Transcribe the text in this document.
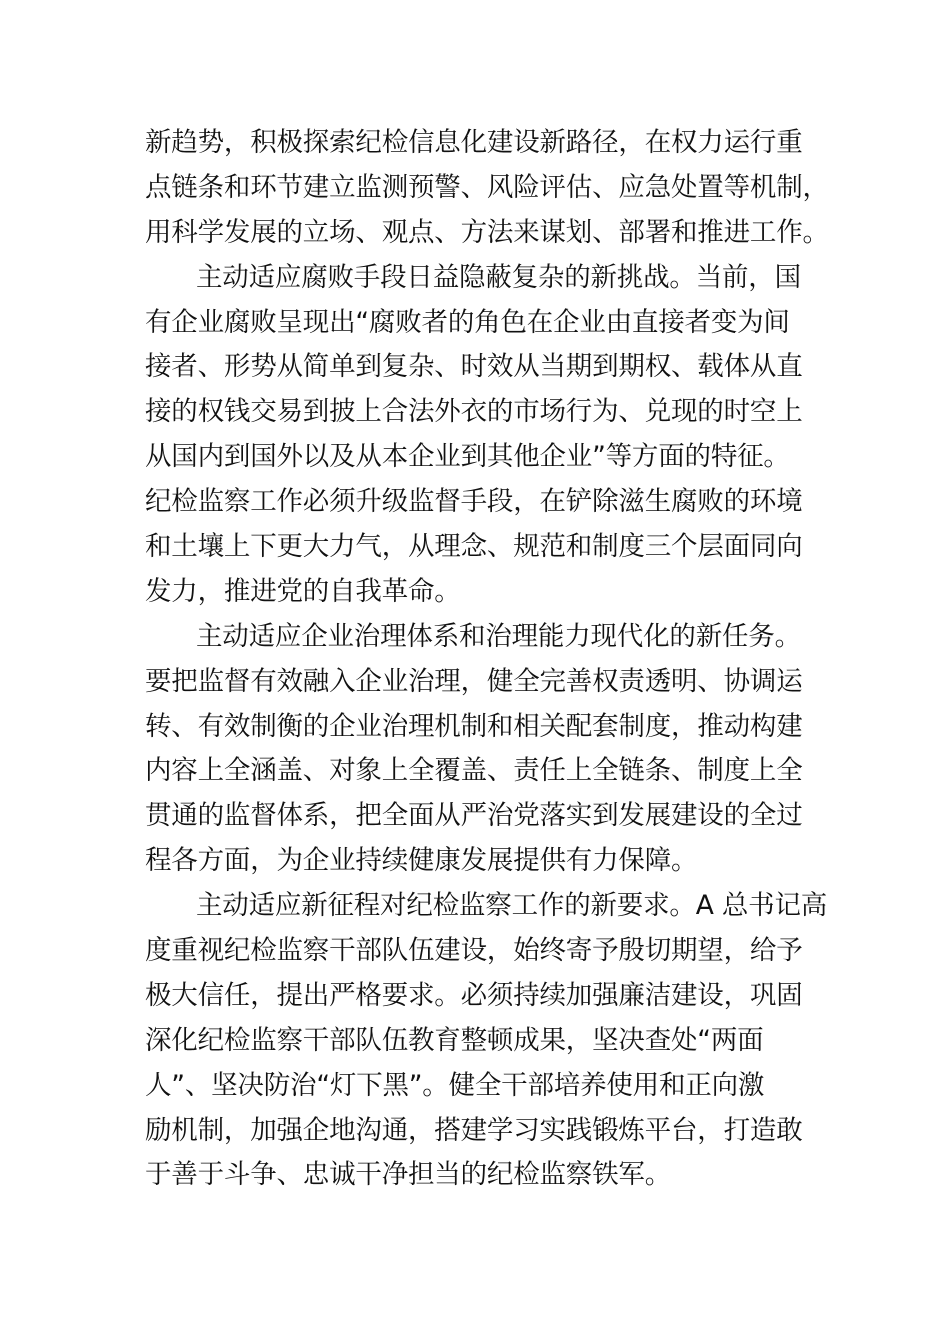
新趋势，积极探索纪检信息化建设新路径，在权力运行重
点链条和环节建立监测预警、风险评估、应急处置等机制，
用科学发展的立场、观点、方法来谋划、部署和推进工作。
主动适应腐败手段日益隐蔽复杂的新挑战。当前，国
有企业腐败呈现出“腐败者的角色在企业由直接者变为间
接者、形势从简单到复杂、时效从当期到期权、载体从直
接的权钱交易到披上合法外衣的市场行为、兑现的时空上
从国内到国外以及从本企业到其他企业”等方面的特征。
纪检监察工作必须升级监督手段，在铲除滋生腐败的环境
和土壤上下更大力气，从理念、规范和制度三个层面同向
发力，推进党的自我革命。
主动适应企业治理体系和治理能力现代化的新任务。
要把监督有效融入企业治理，健全完善权责透明、协调运
转、有效制衡的企业治理机制和相关配套制度，推动构建
内容上全涵盖、对象上全覆盖、责任上全链条、制度上全
贯通的监督体系，把全面从严治党落实到发展建设的全过
程各方面，为企业持续健康发展提供有力保障。
主动适应新征程对纪检监察工作的新要求。A 总书记高
度重视纪检监察干部队伍建设，始终寄予殷切期望，给予
极大信任，提出严格要求。必须持续加强廉洁建设，巩固
深化纪检监察干部队伍教育整顿成果，坚决查处“两面
人”、坚决防治“灯下黑”。健全干部培养使用和正向激
励机制，加强企地沟通，搭建学习实践锻炼平台，打造敢
于善于斗争、忠诚干净担当的纪检监察铁军。
